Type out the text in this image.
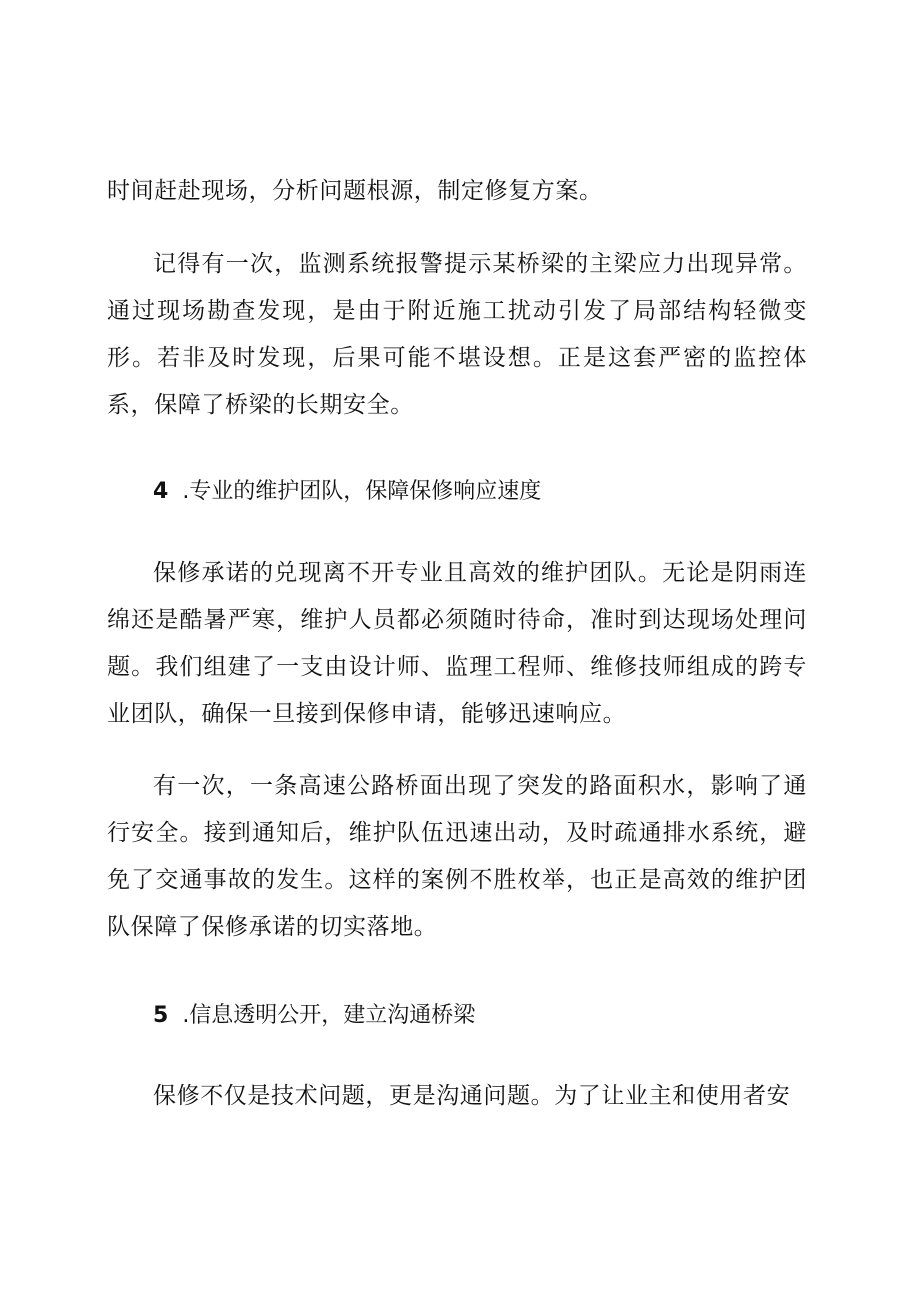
时间赶赴现场，分析问题根源，制定修复方案。

记得有一次，监测系统报警提示某桥梁的主梁应力出现异常。通过现场勘查发现，是由于附近施工扰动引发了局部结构轻微变形。若非及时发现，后果可能不堪设想。正是这套严密的监控体系，保障了桥梁的长期安全。

4 .专业的维护团队，保障保修响应速度

保修承诺的兑现离不开专业且高效的维护团队。无论是阴雨连绵还是酷暑严寒，维护人员都必须随时待命，准时到达现场处理问题。我们组建了一支由设计师、监理工程师、维修技师组成的跨专业团队，确保一旦接到保修申请，能够迅速响应。

有一次，一条高速公路桥面出现了突发的路面积水，影响了通行安全。接到通知后，维护队伍迅速出动，及时疏通排水系统，避免了交通事故的发生。这样的案例不胜枚举，也正是高效的维护团队保障了保修承诺的切实落地。

5 .信息透明公开，建立沟通桥梁

保修不仅是技术问题，更是沟通问题。为了让业主和使用者安
